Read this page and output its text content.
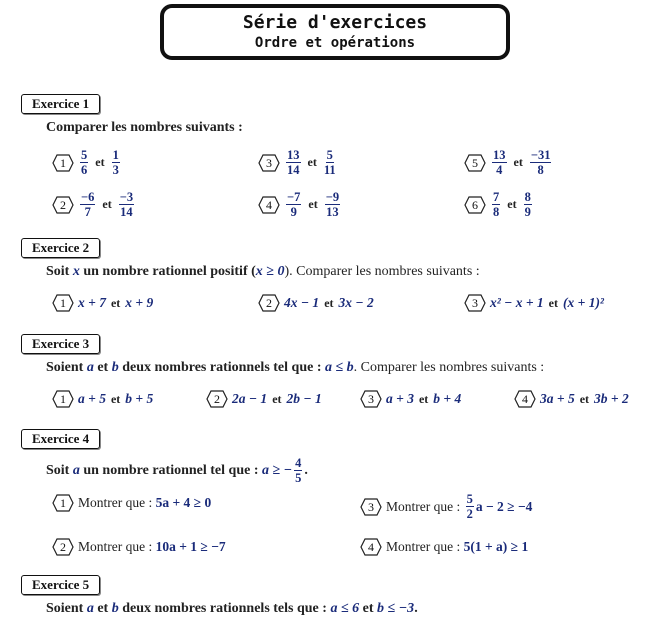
Série d'exercices
Ordre et opérations
Exercice 1
Comparer les nombres suivants :
1	$\frac{5}{6}$ et $\frac{1}{3}$
2	$\frac{-6}{7}$ et $\frac{-3}{14}$
3	$\frac{13}{14}$ et $\frac{5}{11}$
4	$\frac{-7}{9}$ et $\frac{-9}{13}$
5	$\frac{13}{4}$ et $\frac{-31}{8}$
6	$\frac{7}{8}$ et $\frac{8}{9}$
Exercice 2
Soit x un nombre rationnel positif (x ≥ 0). Comparer les nombres suivants :
1 x + 7 et x + 9	2 4x − 1 et 3x − 2	3 x² − x + 1 et (x + 1)²
Exercice 3
Soient a et b deux nombres rationnels tel que : a ≤ b. Comparer les nombres suivants :
1 a + 5 et b + 5	2 2a − 1 et 2b − 1	3 a + 3 et b + 4	4 3a + 5 et 3b + 2
Exercice 4
Soit
a
un nombre rationnel tel que :
a ≥ − $\frac{4}{5}$ .
1 Montrer que :
5a + 4 ≥ 0
2 Montrer que :
10a + 1 ≥ −7
3 Montrer que :
$\frac{5}{2}$ a − 2 ≥ −4
4 Montrer que :
5(1 + a) ≥ 1
Exercice 5
Soient a et b deux nombres rationnels tels que : a ≤ 6 et b ≤ −3.
